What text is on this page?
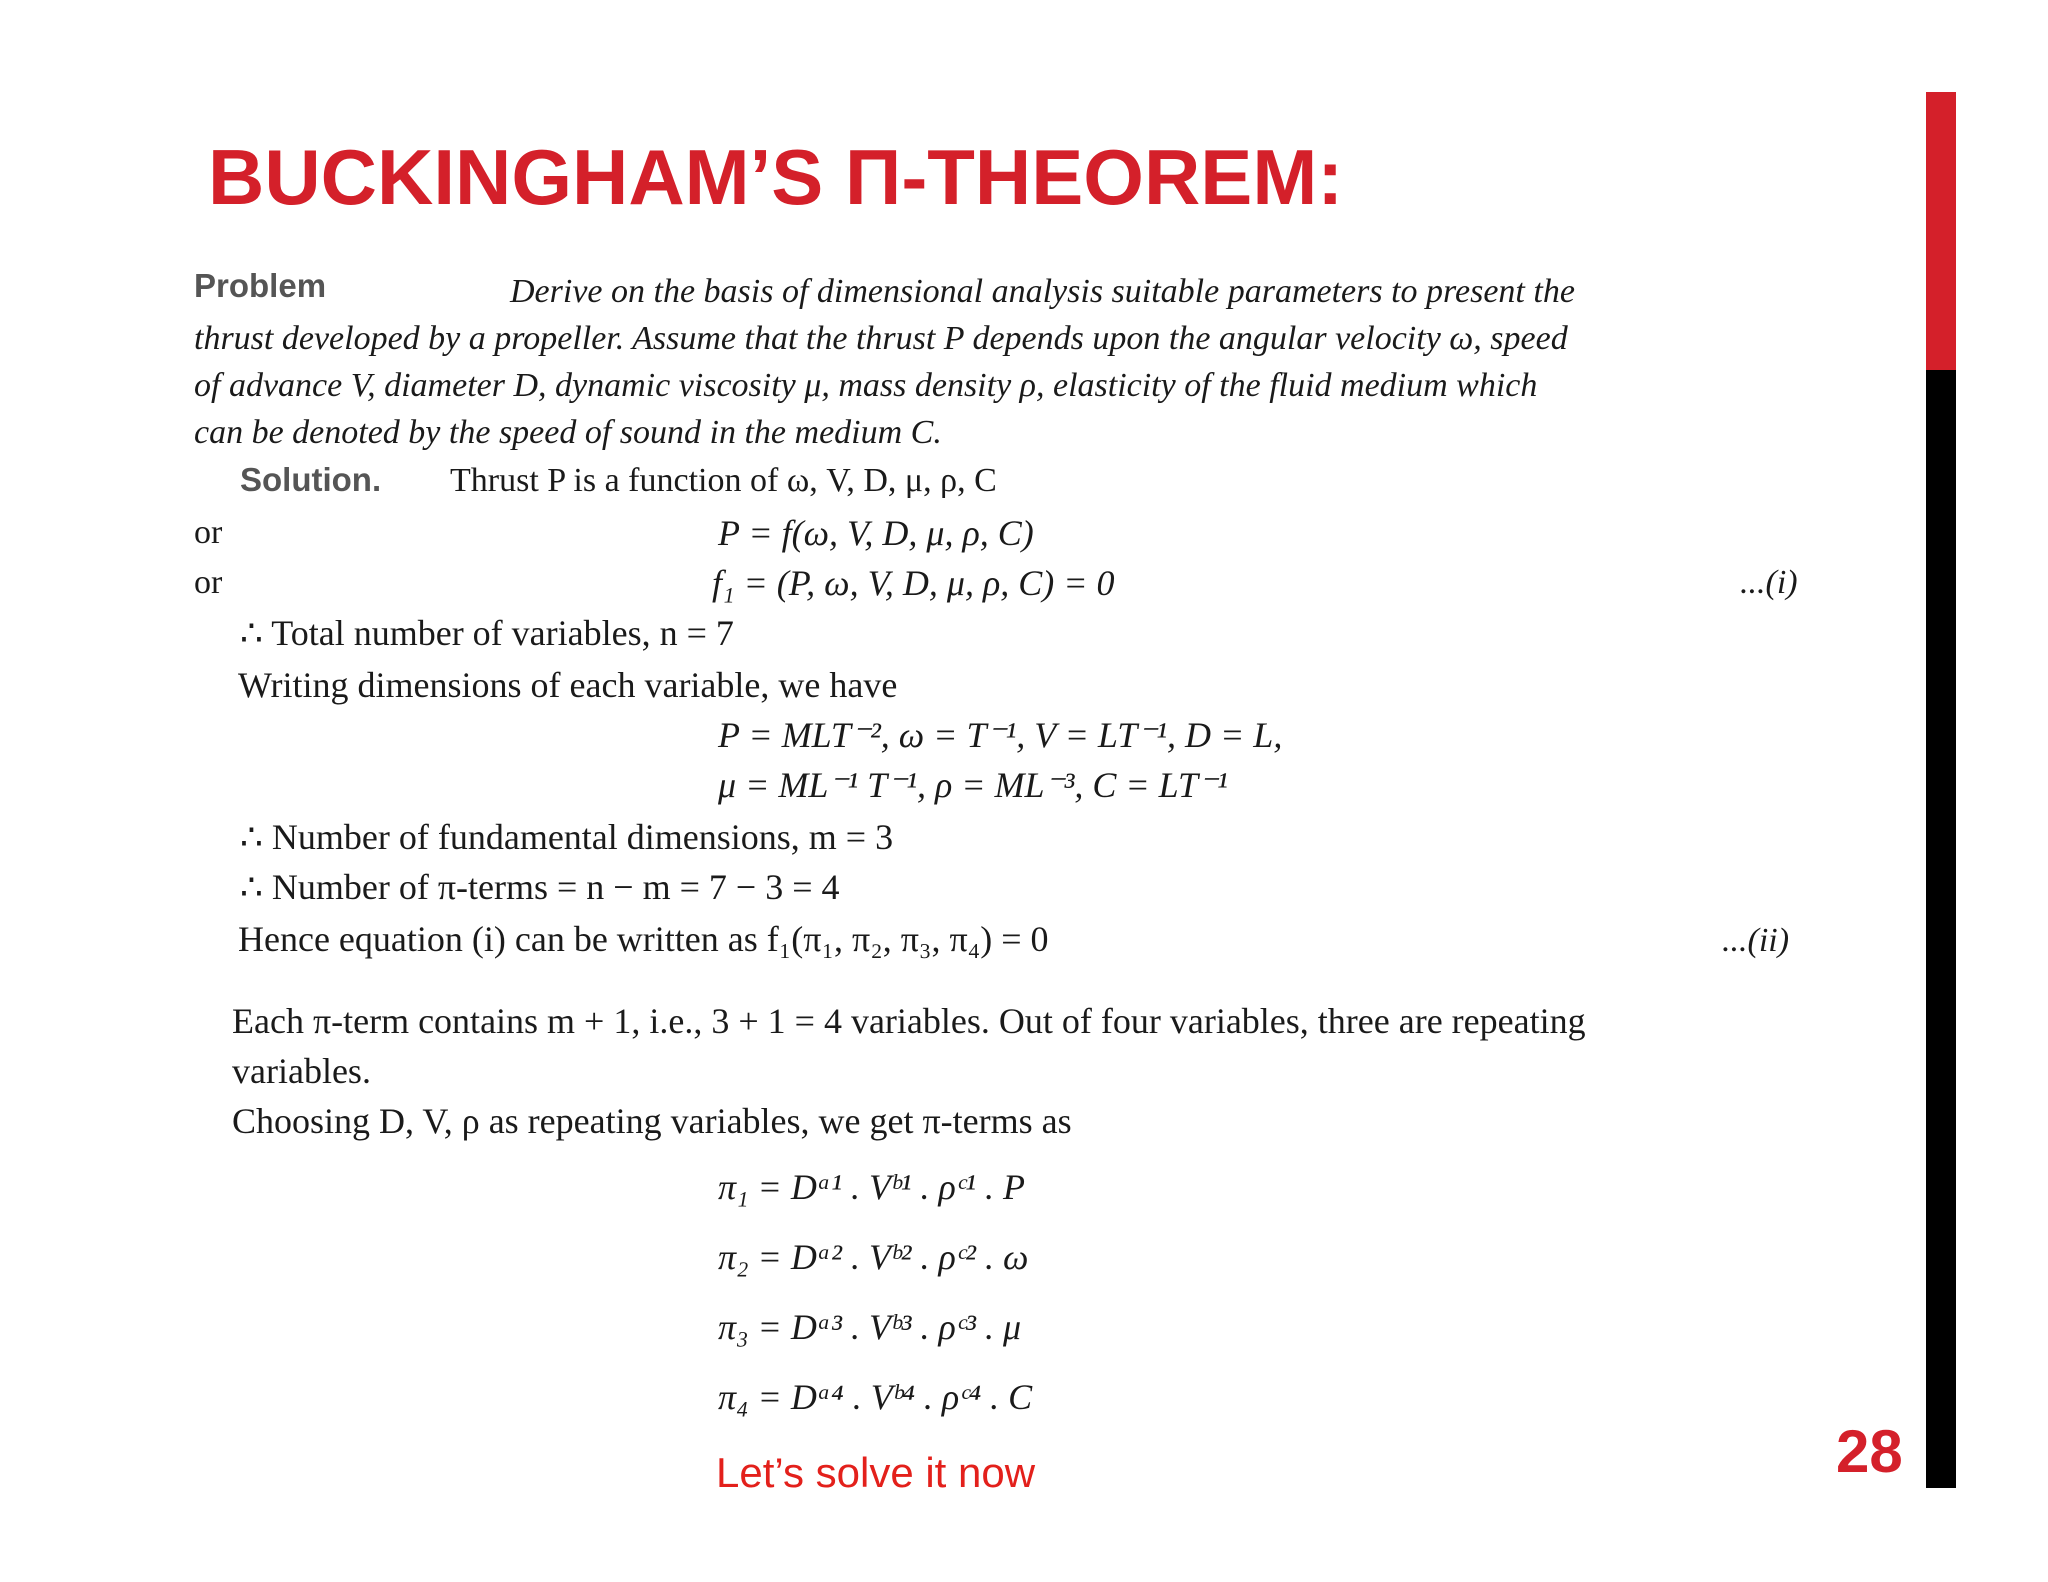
BUCKINGHAM’S Π-THEOREM:
Problem	Derive on the basis of dimensional analysis suitable parameters to present the
thrust developed by a propeller. Assume that the thrust P depends upon the angular velocity ω, speed
of advance V, diameter D, dynamic viscosity μ, mass density ρ, elasticity of the fluid medium which
can be denoted by the speed of sound in the medium C.
Solution. Thrust P is a function of ω, V, D, μ, ρ, C
or	P = f(ω, V, D, μ, ρ, C)
or	f₁ = (P, ω, V, D, μ, ρ, C) = 0	...(i)
∴ Total number of variables, n = 7
Writing dimensions of each variable, we have
P = MLT⁻², ω = T⁻¹, V = LT⁻¹, D = L,
μ = ML⁻¹ T⁻¹, ρ = ML⁻³, C = LT⁻¹
∴ Number of fundamental dimensions, m = 3
∴ Number of π-terms = n − m = 7 − 3 = 4
Hence equation (i) can be written as f₁(π₁, π₂, π₃, π₄) = 0	...(ii)
Each π-term contains m + 1, i.e., 3 + 1 = 4 variables. Out of four variables, three are repeating
variables.
Choosing D, V, ρ as repeating variables, we get π-terms as
π₁ = Dᵃ¹ . Vᵇ¹ . ρᶜ¹ . P
π₂ = Dᵃ² . Vᵇ² . ρᶜ² . ω
π₃ = Dᵃ³ . Vᵇ³ . ρᶜ³ . μ
π₄ = Dᵃ⁴ . Vᵇ⁴ . ρᶜ⁴ . C
Let’s solve it now	28
